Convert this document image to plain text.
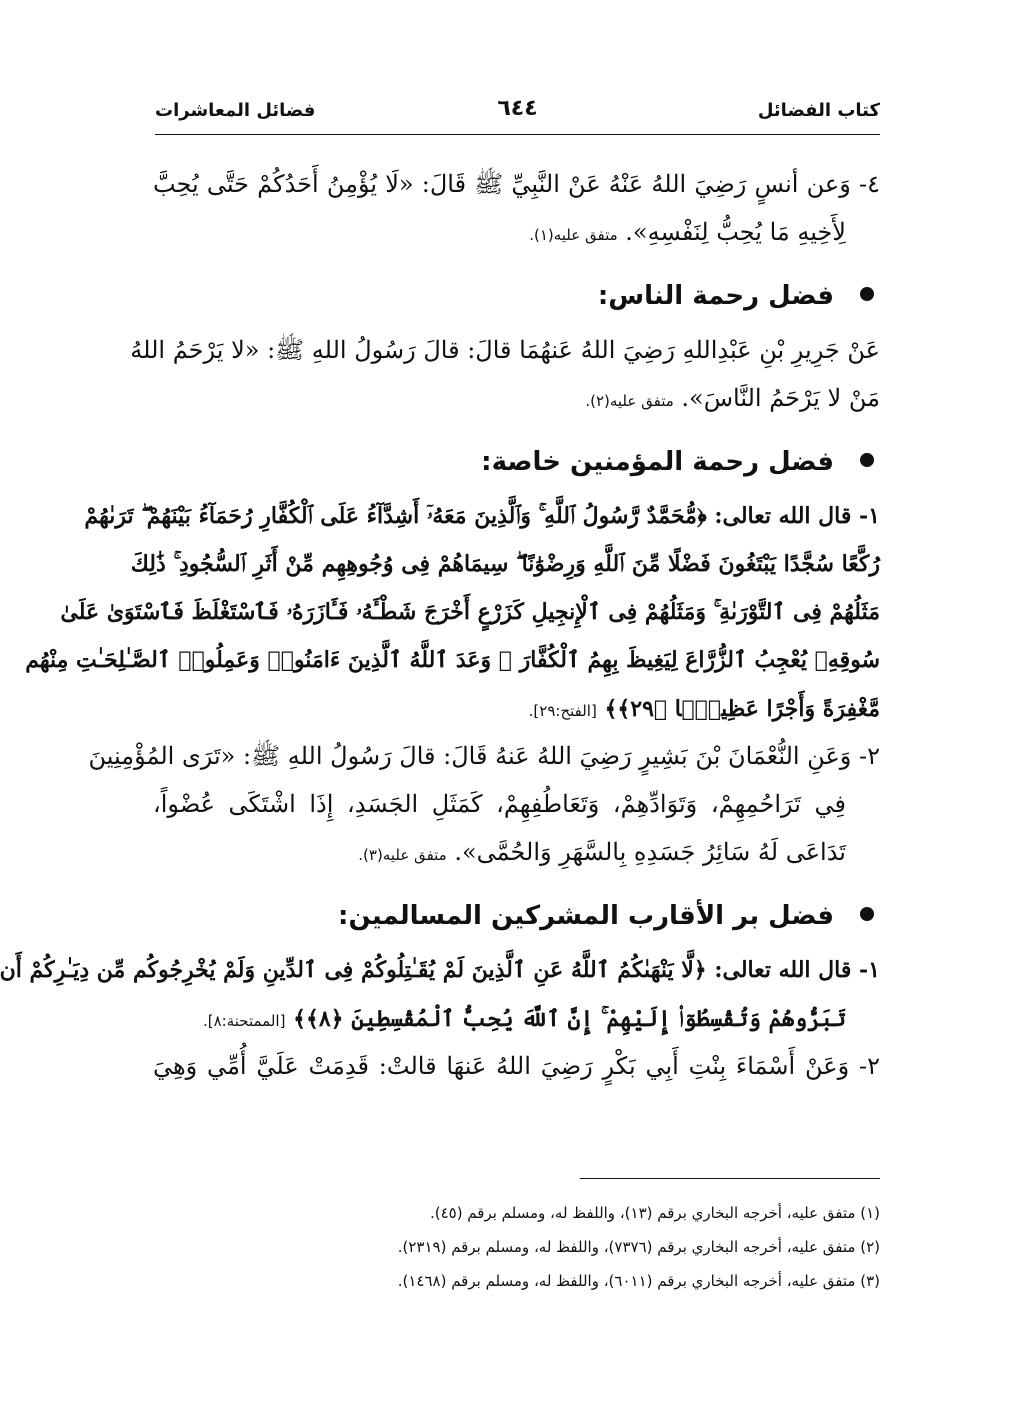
كتاب الفضائل
٦٤٤
فضائل المعاشرات
٤- وَعن أنسٍ رَضِيَ اللهُ عَنْهُ عَنْ النَّبِيِّ ﷺ قَالَ: «لَا يُؤْمِنُ أَحَدُكُمْ حَتَّى يُحِبَّ
لِأَخِيهِ مَا يُحِبُّ لِنَفْسِهِ». متفق عليه(١).
فضل رحمة الناس:
عَنْ جَرِيرِ بْنِ عَبْدِاللهِ رَضِيَ اللهُ عَنهُمَا قالَ: قالَ رَسُولُ اللهِ ﷺ: «لا يَرْحَمُ اللهُ
مَنْ لا يَرْحَمُ النَّاسَ». متفق عليه(٢).
فضل رحمة المؤمنين خاصة:
١- قال الله تعالى: ﴿مُّحَمَّدٌ رَّسُولُ ٱللَّهِ ۚ وَٱلَّذِينَ مَعَهُۥٓ أَشِدَّآءُ عَلَى ٱلْكُفَّارِ رُحَمَآءُ بَيْنَهُمْ ۖ تَرَىٰهُمْ
رُكَّعًا سُجَّدًا يَبْتَغُونَ فَضْلًا مِّنَ ٱللَّهِ وَرِضْوَٰنًا ۖ سِيمَاهُمْ فِى وُجُوهِهِم مِّنْ أَثَرِ ٱلسُّجُودِ ۚ ذَٰلِكَ
مَثَلُهُمْ فِى ٱلتَّوْرَىٰةِ ۚ وَمَثَلُهُمْ فِى ٱلْإِنجِيلِ كَزَرْعٍ أَخْرَجَ شَطْـَٔهُۥ فَـَٔازَرَهُۥ فَٱسْتَغْلَظَ فَٱسْتَوَىٰ عَلَىٰ
سُوقِهِۦ يُعْجِبُ ٱلزُّرَّاعَ لِيَغِيظَ بِهِمُ ٱلْكُفَّارَ ۗ وَعَدَ ٱللَّهُ ٱلَّذِينَ ءَامَنُوا۟ وَعَمِلُوا۟ ٱلصَّـٰلِحَـٰتِ مِنْهُم
مَّغْفِرَةً وَأَجْرًا عَظِيمًۢا ﴿٢٩﴾﴾ [الفتح:٢٩].
٢- وَعَنِ النُّعْمَانَ بْنَ بَشِيرٍ رَضِيَ اللهُ عَنهُ قَالَ: قالَ رَسُولُ اللهِ ﷺ: «تَرَى المُؤْمِنِينَ
فِي تَرَاحُمِهِمْ، وَتَوَادِّهِمْ، وَتَعَاطُفِهِمْ، كَمَثَلِ الجَسَدِ، إِذَا اشْتَكَى عُضْواً،
تَدَاعَى لَهُ سَائِرُ جَسَدِهِ بِالسَّهَرِ وَالحُمَّى». متفق عليه(٣).
فضل بر الأقارب المشركين المسالمين:
١- قال الله تعالى: ﴿لَّا يَنْهَىٰكُمُ ٱللَّهُ عَنِ ٱلَّذِينَ لَمْ يُقَـٰتِلُوكُمْ فِى ٱلدِّينِ وَلَمْ يُخْرِجُوكُم مِّن دِيَـٰرِكُمْ أَن
تَبَرُّوهُمْ وَتُقْسِطُوٓا۟ إِلَيْهِمْ ۚ إِنَّ ٱللَّهَ يُحِبُّ ٱلْمُقْسِطِينَ ﴿٨﴾﴾ [الممتحنة:٨].
٢- وَعَنْ أَسْمَاءَ بِنْتِ أَبِي بَكْرٍ رَضِيَ اللهُ عَنهَا قالتْ: قَدِمَتْ عَلَيَّ أُمِّي وَهِيَ
(١) متفق عليه، أخرجه البخاري برقم (١٣)، واللفظ له، ومسلم برقم (٤٥).
(٢) متفق عليه، أخرجه البخاري برقم (٧٣٧٦)، واللفظ له، ومسلم برقم (٢٣١٩).
(٣) متفق عليه، أخرجه البخاري برقم (٦٠١١)، واللفظ له، ومسلم برقم (١٤٦٨).
